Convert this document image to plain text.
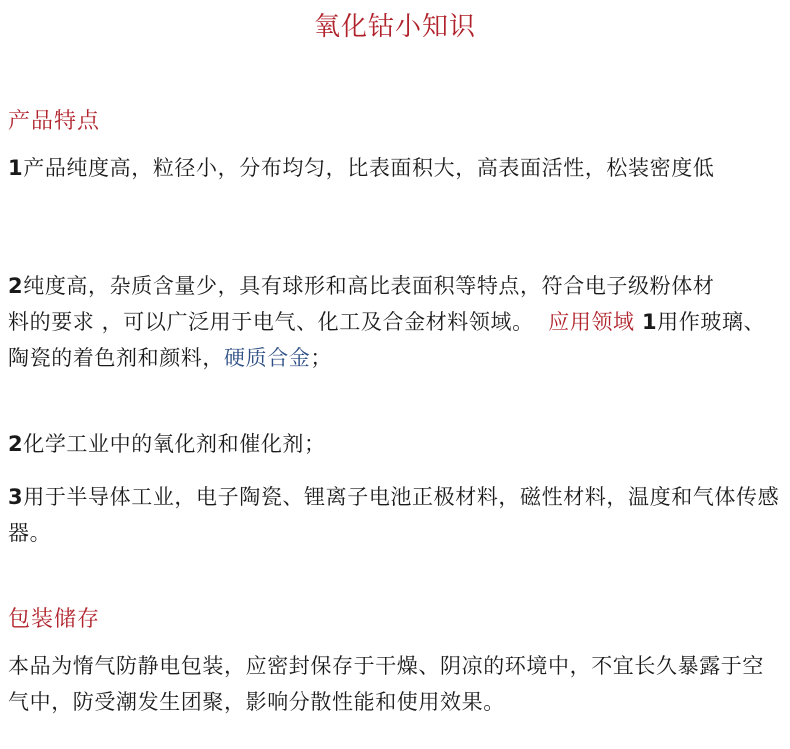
氧化钴小知识
产品特点
1产品纯度高，粒径小，分布均匀，比表面积大，高表面活性，松装密度低
2纯度高，杂质含量少，具有球形和高比表面积等特点，符合电子级粉体材
料的要求 ，可以广泛用于电气、化工及合金材料领域。 应用领域 1用作玻璃、陶瓷的着色剂和颜料，硬质合金；
2化学工业中的氧化剂和催化剂；
3用于半导体工业，电子陶瓷、锂离子电池正极材料，磁性材料，温度和气体传感器。
包装储存
本品为惰气防静电包装，应密封保存于干燥、阴凉的环境中，不宜长久暴露于空气中，防受潮发生团聚，影响分散性能和使用效果。
